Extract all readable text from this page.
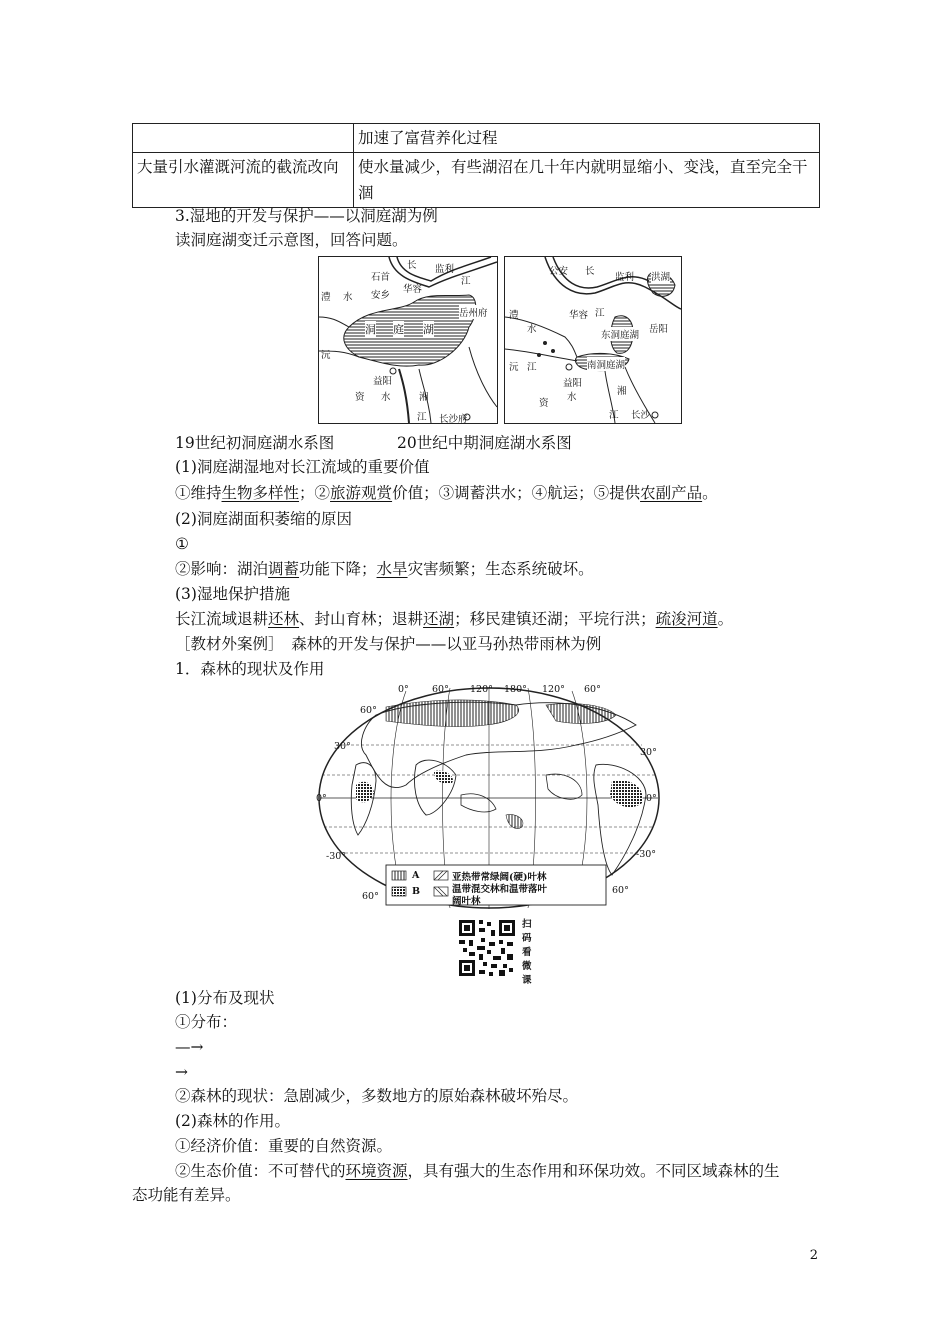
	加速了富营养化过程
大量引水灌溉河流的截流改向	使水量减少，有些湖沼在几十年内就明显缩小、变浅，直至完全干涸
3.湿地的开发与保护——以洞庭湖为例
读洞庭湖变迁示意图，回答问题。
石首
长 监利
江
澧 水 安乡
华容
洞 庭 湖
岳州府
沅
益阳
资 水	湘
江 长沙府
公安 长
监利 洪湖
澧
水
华容 江
东洞庭湖
岳阳
沅 江	南洞庭湖
益阳
资
水
江 长沙
湘
19世纪初洞庭湖水系图	20世纪中期洞庭湖水系图
(1)洞庭湖湿地对长江流域的重要价值
①维持生物多样性；②旅游观赏价值；③调蓄洪水；④航运；⑤提供农副产品。
(2)洞庭湖面积萎缩的原因
①
②影响：湖泊调蓄功能下降；水旱灾害频繁；生态系统破坏。
(3)湿地保护措施
长江流域退耕还林、封山育林；退耕还湖；移民建镇还湖；平垸行洪；疏浚河道。
［教材外案例］　森林的开发与保护——以亚马孙热带雨林为例
1．森林的现状及作用
0° 60° 120° 180° 120° 60°
60°
30°
0°
-30°
60°
30°
0°
-30°
60°
A
B
亚热带常绿阔(硬)叶林
温带混交林和温带落叶
阔叶林
扫码看微课
(1)分布及现状
①分布：
—→
→
②森林的现状：急剧减少，多数地方的原始森林破坏殆尽。
(2)森林的作用。
①经济价值：重要的自然资源。
②生态价值：不可替代的环境资源，具有强大的生态作用和环保功效。不同区域森林的生
态功能有差异。
2
